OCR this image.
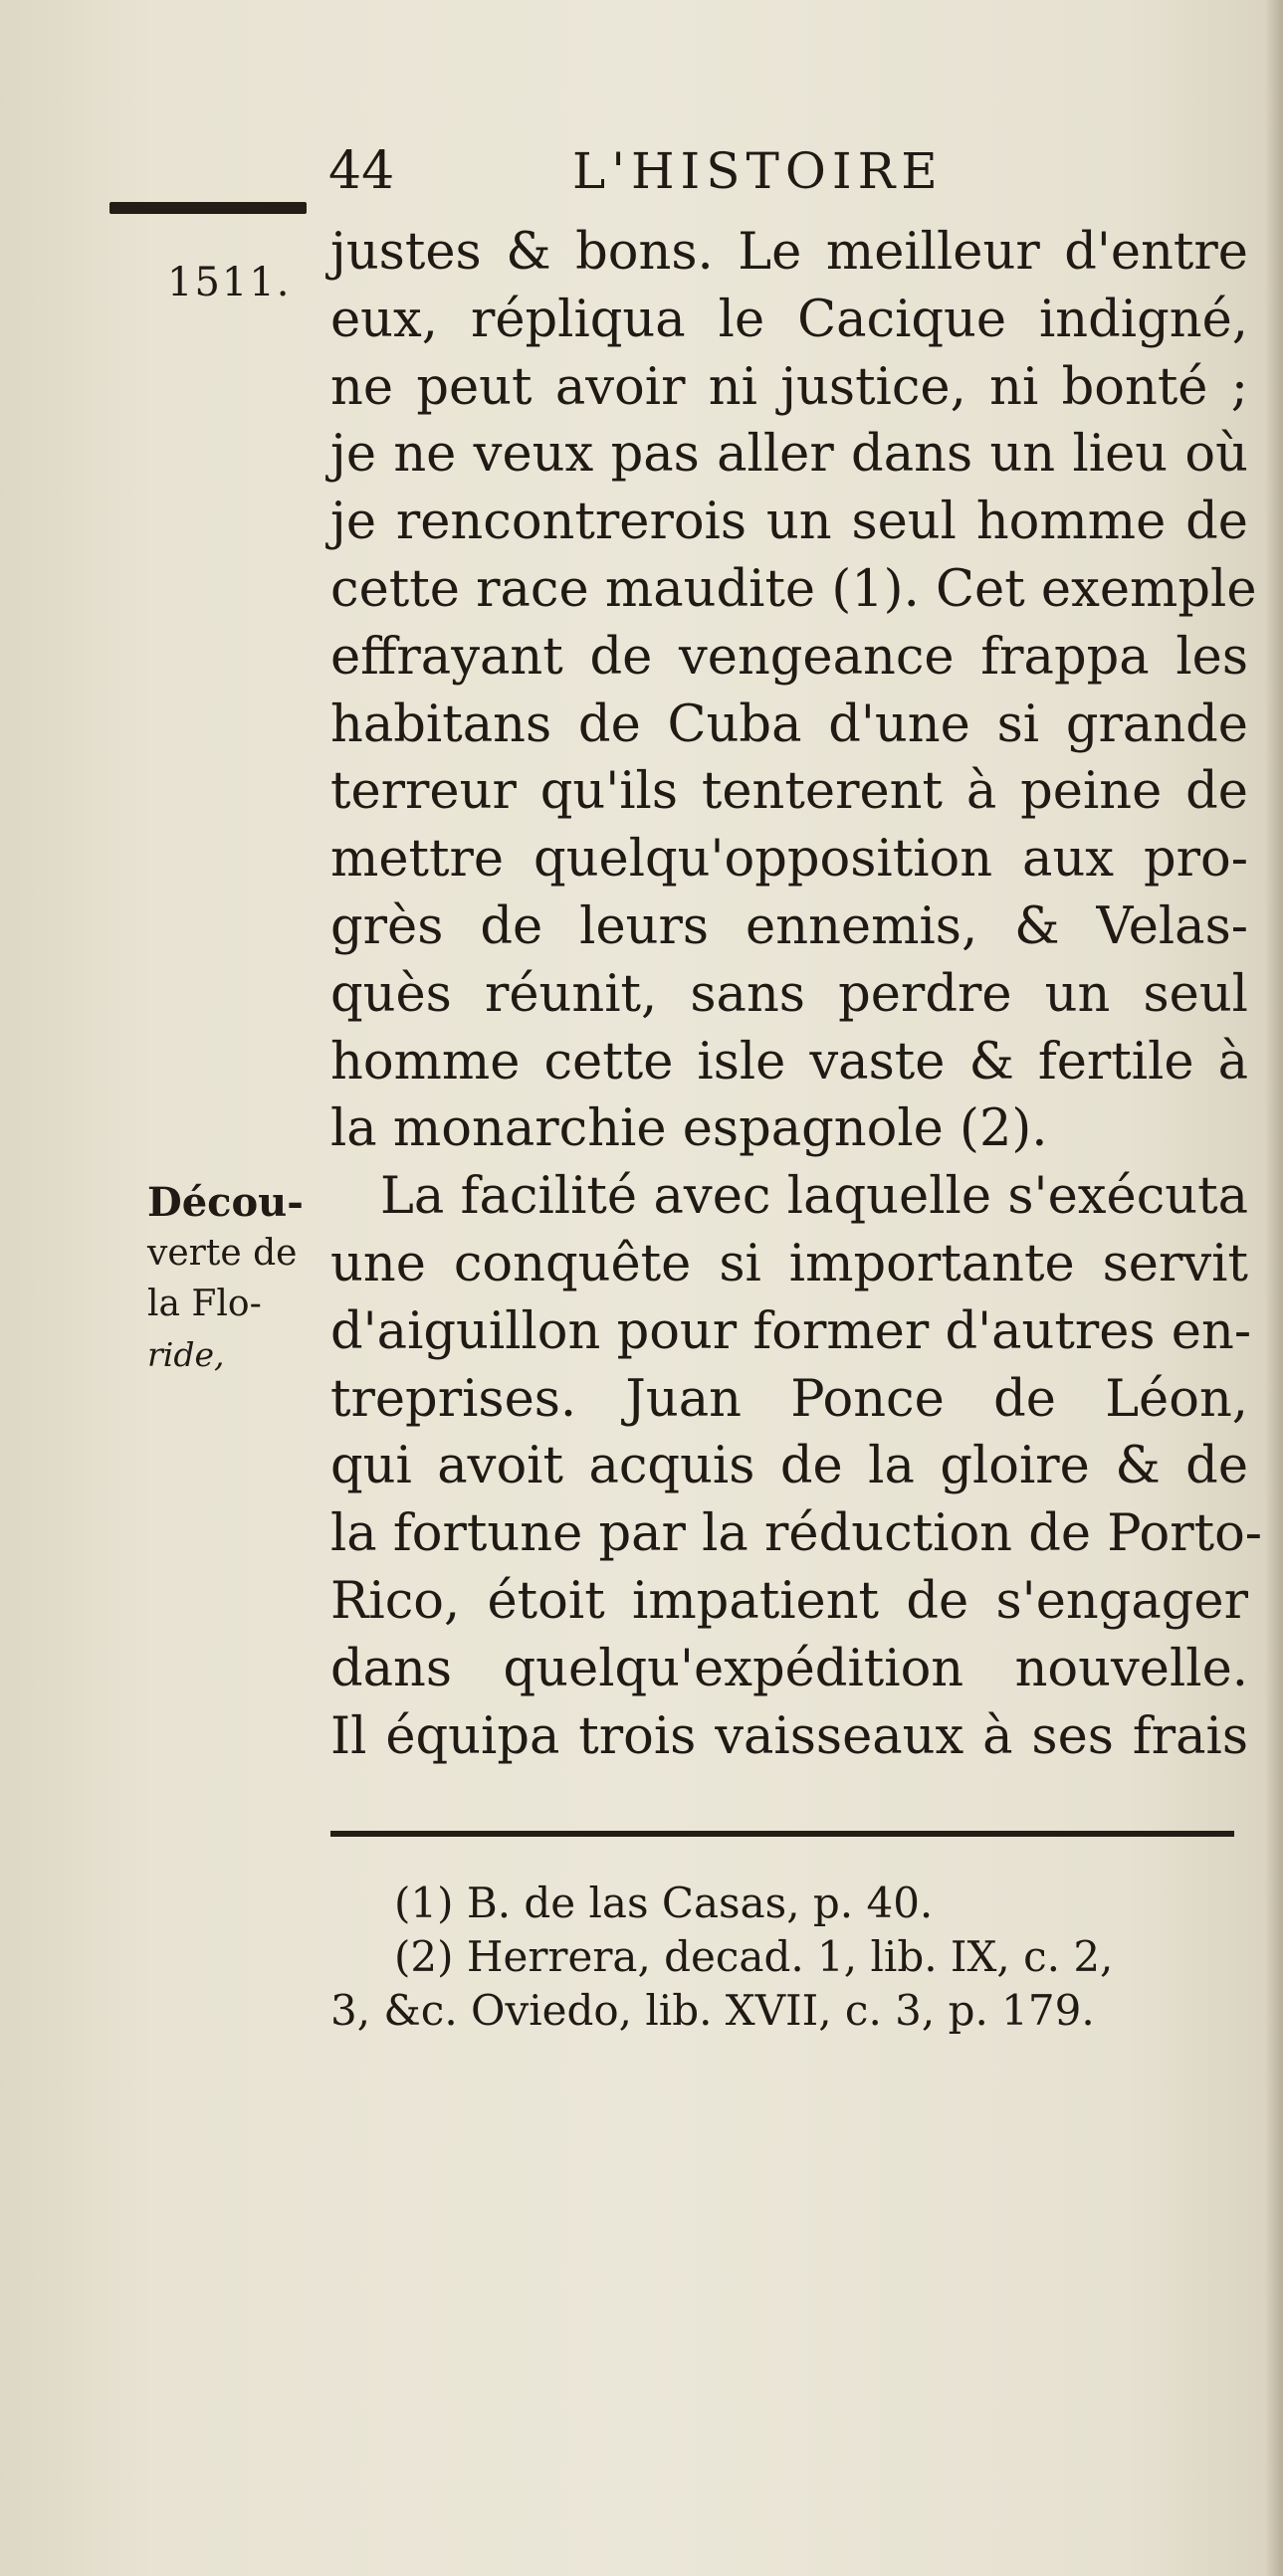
44	L'HISTOIRE
1511.
Décou-
verte de
la Flo-
ride,
justes & bons. Le meilleur d'entre
eux, répliqua le Cacique indigné,
ne peut avoir ni justice, ni bonté ;
je ne veux pas aller dans un lieu où
je rencontrerois un seul homme de
cette race maudite (1). Cet exemple
effrayant de vengeance frappa les
habitans de Cuba d'une si grande
terreur qu'ils tenterent à peine de
mettre quelqu'opposition aux pro-
grès de leurs ennemis, & Velas-
quès réunit, sans perdre un seul
homme cette isle vaste & fertile à
la monarchie espagnole (2).
La facilité avec laquelle s'exécuta
une conquête si importante servit
d'aiguillon pour former d'autres en-
treprises. Juan Ponce de Léon,
qui avoit acquis de la gloire & de
la fortune par la réduction de Porto-
Rico, étoit impatient de s'engager
dans quelqu'expédition nouvelle.
Il équipa trois vaisseaux à ses frais
(1) B. de las Casas, p. 40.
(2) Herrera, decad. 1, lib. IX, c. 2,
3, &c. Oviedo, lib. XVII, c. 3, p. 179.
